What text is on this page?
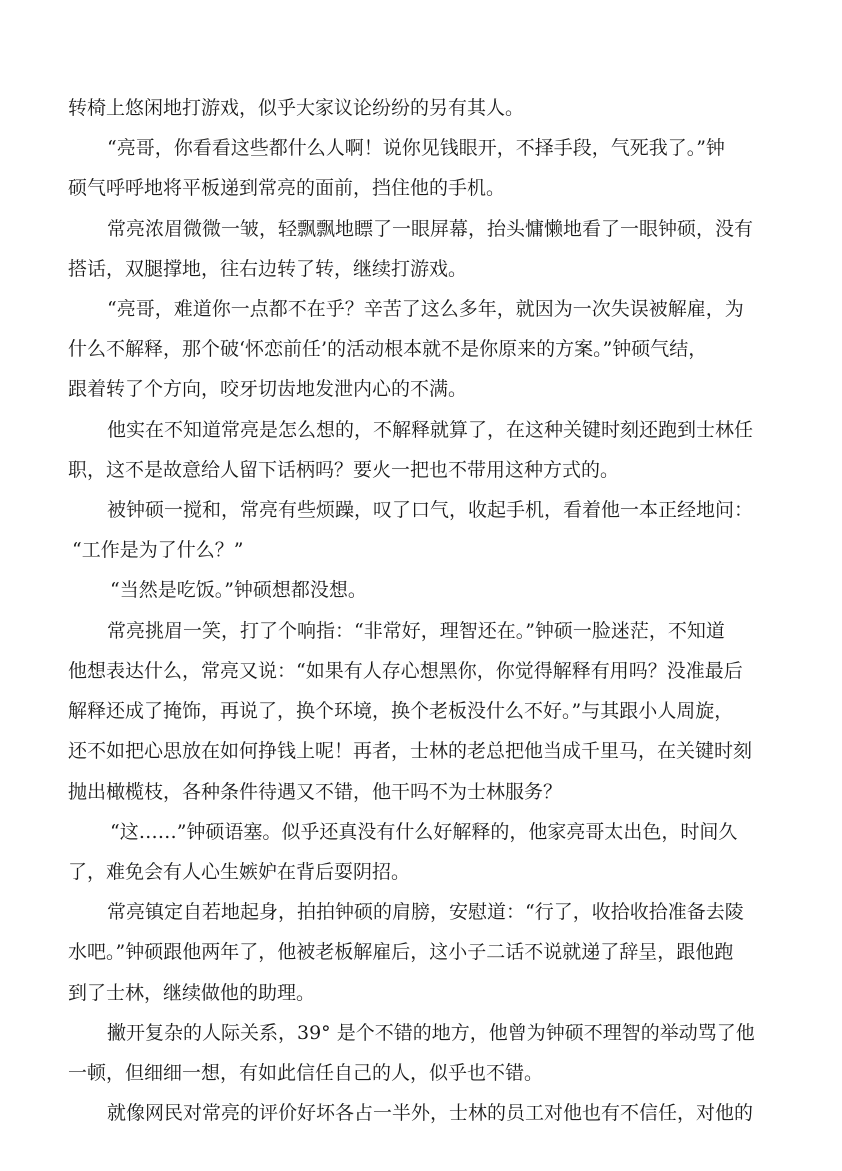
转椅上悠闲地打游戏，似乎大家议论纷纷的另有其人。
“亮哥，你看看这些都什么人啊！说你见钱眼开，不择手段，气死我了。”钟
硕气呼呼地将平板递到常亮的面前，挡住他的手机。
常亮浓眉微微一皱，轻飘飘地瞟了一眼屏幕，抬头慵懒地看了一眼钟硕，没有
搭话，双腿撑地，往右边转了转，继续打游戏。
“亮哥，难道你一点都不在乎？辛苦了这么多年，就因为一次失误被解雇，为
什么不解释，那个破‘怀恋前任’的活动根本就不是你原来的方案。”钟硕气结，
跟着转了个方向，咬牙切齿地发泄内心的不满。
他实在不知道常亮是怎么想的，不解释就算了，在这种关键时刻还跑到士林任
职，这不是故意给人留下话柄吗？要火一把也不带用这种方式的。
被钟硕一搅和，常亮有些烦躁，叹了口气，收起手机，看着他一本正经地问：
“工作是为了什么？”
“当然是吃饭。”钟硕想都没想。
常亮挑眉一笑，打了个响指：“非常好，理智还在。”钟硕一脸迷茫，不知道
他想表达什么，常亮又说：“如果有人存心想黑你，你觉得解释有用吗？没准最后
解释还成了掩饰，再说了，换个环境，换个老板没什么不好。”与其跟小人周旋，
还不如把心思放在如何挣钱上呢！再者，士林的老总把他当成千里马，在关键时刻
抛出橄榄枝，各种条件待遇又不错，他干吗不为士林服务？
“这……”钟硕语塞。似乎还真没有什么好解释的，他家亮哥太出色，时间久
了，难免会有人心生嫉妒在背后耍阴招。
常亮镇定自若地起身，拍拍钟硕的肩膀，安慰道：“行了，收拾收拾准备去陵
水吧。”钟硕跟他两年了，他被老板解雇后，这小子二话不说就递了辞呈，跟他跑
到了士林，继续做他的助理。
撇开复杂的人际关系，39° 是个不错的地方，他曾为钟硕不理智的举动骂了他
一顿，但细细一想，有如此信任自己的人，似乎也不错。
就像网民对常亮的评价好坏各占一半外，士林的员工对他也有不信任，对他的
